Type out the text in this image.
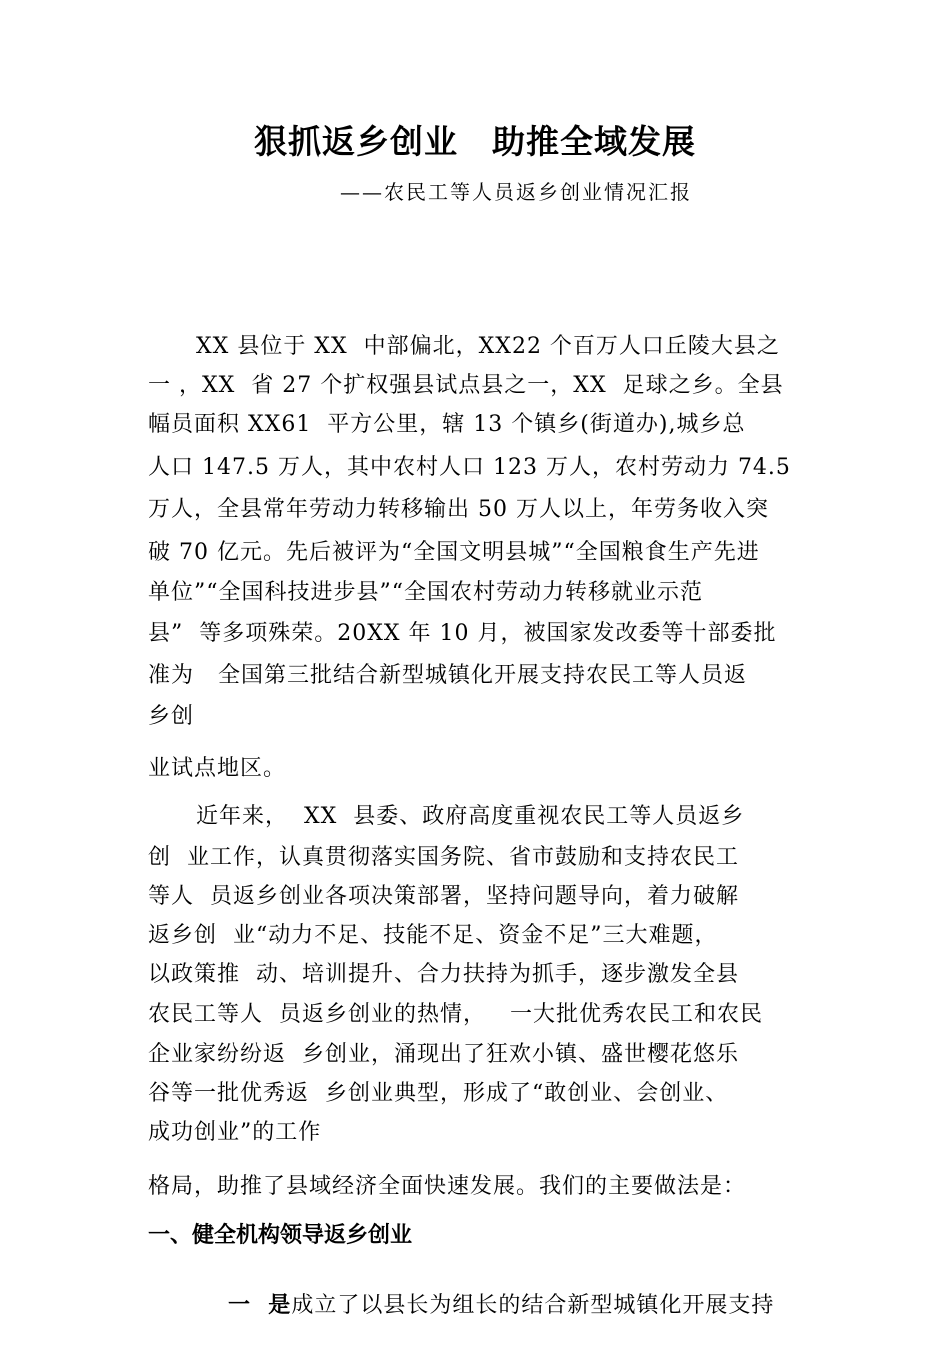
狠抓返乡创业　助推全域发展
——农民工等人员返乡创业情况汇报
XX 县位于 XX  中部偏北，XX22 个百万人口丘陵大县之
一 ，XX  省 27 个扩权强县试点县之一，XX  足球之乡。全县
幅员面积 XX61  平方公里，辖 13 个镇乡(街道办),城乡总
人口 147.5 万人，其中农村人口 123 万人，农村劳动力 74.5
万人，全县常年劳动力转移输出 50 万人以上，年劳务收入突
破 70 亿元。先后被评为“全国文明县城”“全国粮食生产先进
单位”“全国科技进步县”“全国农村劳动力转移就业示范
县”  等多项殊荣。20XX 年 10 月，被国家发改委等十部委批
准为   全国第三批结合新型城镇化开展支持农民工等人员返
乡创
业试点地区。
近年来，  XX  县委、政府高度重视农民工等人员返乡
创  业工作，认真贯彻落实国务院、省市鼓励和支持农民工
等人  员返乡创业各项决策部署，坚持问题导向，着力破解
返乡创  业“动力不足、技能不足、资金不足”三大难题，
以政策推  动、培训提升、合力扶持为抓手，逐步激发全县
农民工等人  员返乡创业的热情，   一大批优秀农民工和农民
企业家纷纷返  乡创业，涌现出了狂欢小镇、盛世樱花悠乐
谷等一批优秀返  乡创业典型，形成了“敢创业、会创业、
成功创业”的工作
格局，助推了县域经济全面快速发展。我们的主要做法是：
一、健全机构领导返乡创业

一  是成立了以县长为组长的结合新型城镇化开展支持
